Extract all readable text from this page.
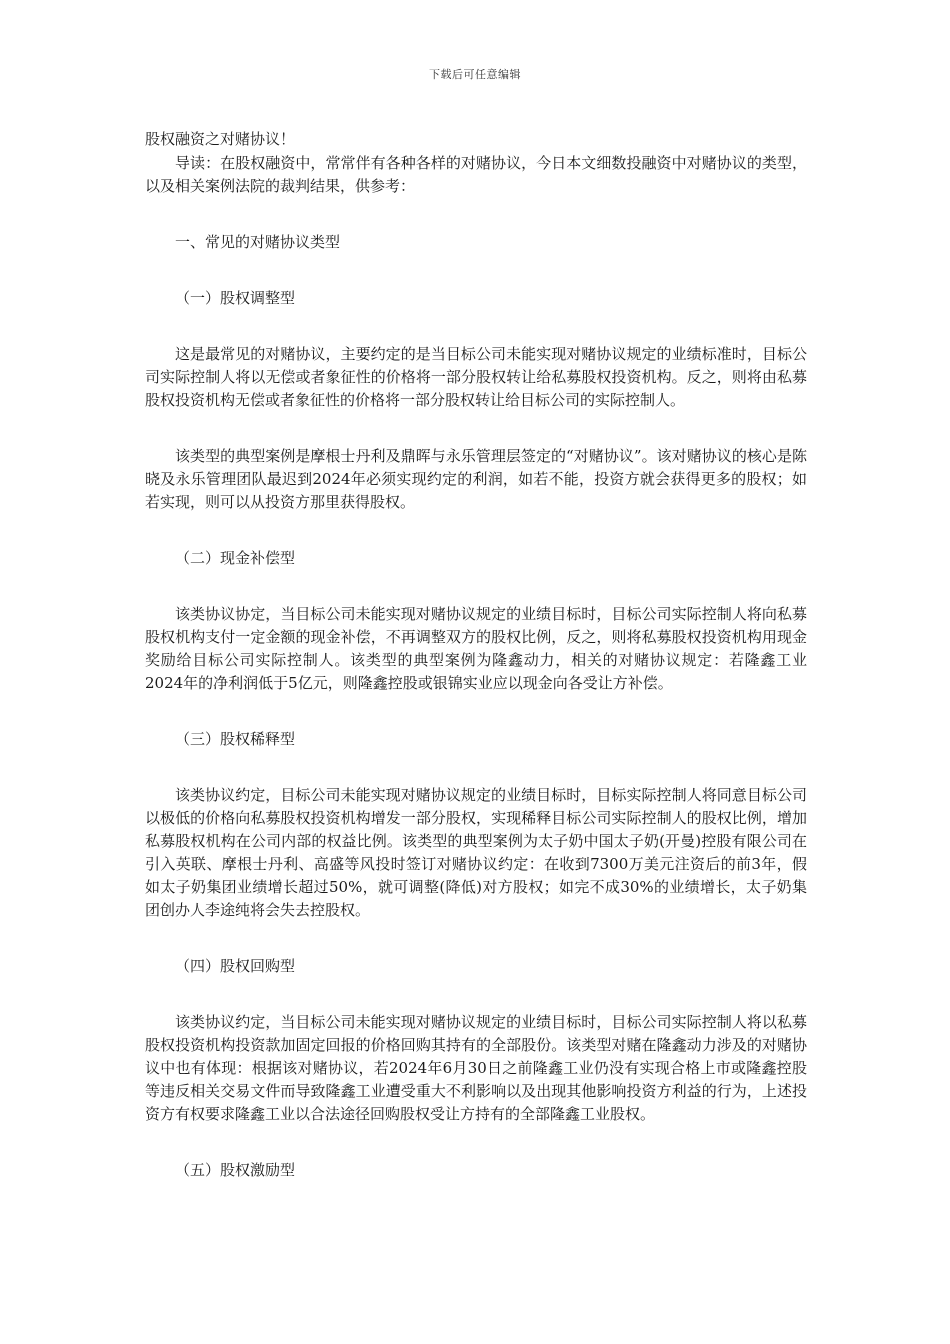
下载后可任意编辑
股权融资之对赌协议！

导读：在股权融资中，常常伴有各种各样的对赌协议，今日本文细数投融资中对赌协议的类型，以及相关案例法院的裁判结果，供参考：

一、常见的对赌协议类型

（一）股权调整型

这是最常见的对赌协议，主要约定的是当目标公司未能实现对赌协议规定的业绩标准时，目标公司实际控制人将以无偿或者象征性的价格将一部分股权转让给私募股权投资机构。反之，则将由私募股权投资机构无偿或者象征性的价格将一部分股权转让给目标公司的实际控制人。

该类型的典型案例是摩根士丹利及鼎晖与永乐管理层签定的“对赌协议”。该对赌协议的核心是陈晓及永乐管理团队最迟到2024年必须实现约定的利润，如若不能，投资方就会获得更多的股权；如若实现，则可以从投资方那里获得股权。

（二）现金补偿型

该类协议协定，当目标公司未能实现对赌协议规定的业绩目标时，目标公司实际控制人将向私募股权机构支付一定金额的现金补偿，不再调整双方的股权比例，反之，则将私募股权投资机构用现金奖励给目标公司实际控制人。该类型的典型案例为隆鑫动力，相关的对赌协议规定：若隆鑫工业2024年的净利润低于5亿元，则隆鑫控股或银锦实业应以现金向各受让方补偿。

（三）股权稀释型

该类协议约定，目标公司未能实现对赌协议规定的业绩目标时，目标实际控制人将同意目标公司以极低的价格向私募股权投资机构增发一部分股权，实现稀释目标公司实际控制人的股权比例，增加私募股权机构在公司内部的权益比例。该类型的典型案例为太子奶中国太子奶(开曼)控股有限公司在引入英联、摩根士丹利、高盛等风投时签订对赌协议约定：在收到7300万美元注资后的前3年，假如太子奶集团业绩增长超过50%，就可调整(降低)对方股权；如完不成30%的业绩增长，太子奶集团创办人李途纯将会失去控股权。

（四）股权回购型

该类协议约定，当目标公司未能实现对赌协议规定的业绩目标时，目标公司实际控制人将以私募股权投资机构投资款加固定回报的价格回购其持有的全部股份。该类型对赌在隆鑫动力涉及的对赌协议中也有体现：根据该对赌协议，若2024年6月30日之前隆鑫工业仍没有实现合格上市或隆鑫控股等违反相关交易文件而导致隆鑫工业遭受重大不利影响以及出现其他影响投资方利益的行为，上述投资方有权要求隆鑫工业以合法途径回购股权受让方持有的全部隆鑫工业股权。

（五）股权激励型
